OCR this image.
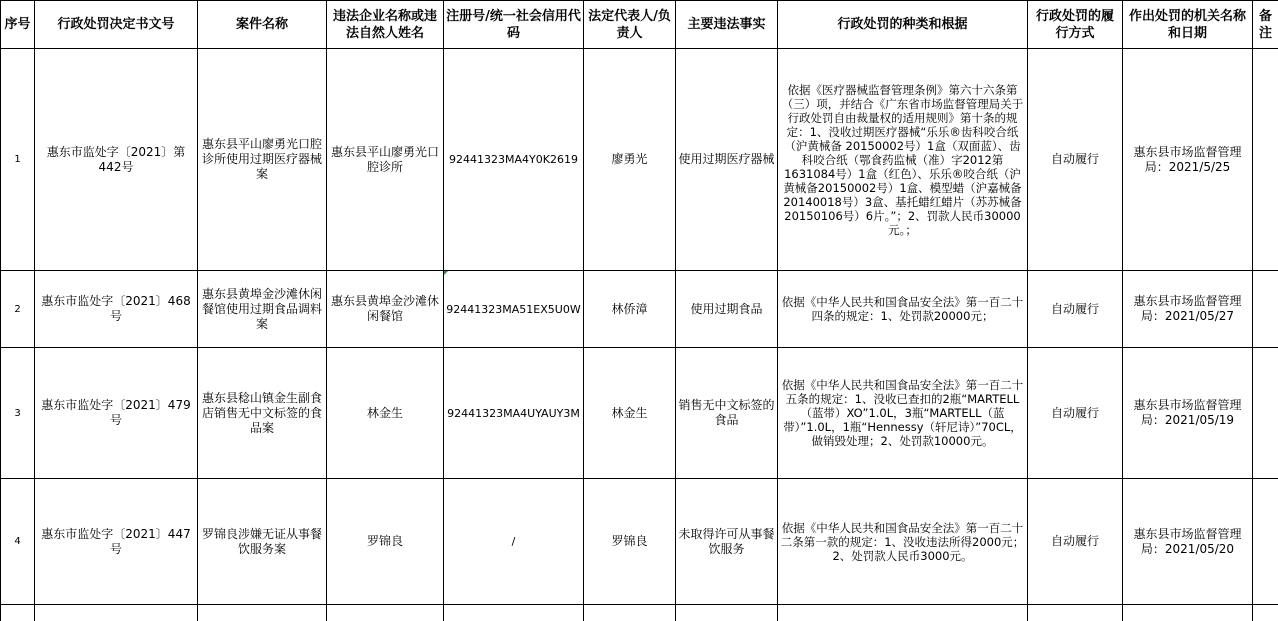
序号	行政处罚决定书文号	案件名称	违法企业名称或违法自然人姓名	注册号/统一社会信用代码	法定代表人/负责人	主要违法事实	行政处罚的种类和根据	行政处罚的履行方式	作出处罚的机关名称和日期	备注
1	惠东市监处字〔2021〕第442号	惠东县平山廖勇光口腔诊所使用过期医疗器械案	惠东县平山廖勇光口腔诊所	92441323MA4Y0K2619	廖勇光	使用过期医疗器械	依据《医疗器械监督管理条例》第六十六条第（三）项，并结合《广东省市场监督管理局关于行政处罚自由裁量权的适用规则》第十条的规定：1、没收过期医疗器械“乐乐®齿科咬合纸（沪黄械备 20150002号）1盒（双面蓝）、齿科咬合纸（鄂食药监械（准）字2012第1631084号）1盒（红色）、乐乐®咬合纸（沪黄械备20150002号）1盒、模型蜡（沪嘉械备20140018号）3盒、基托蜡红蜡片（苏苏械备20150106号）6片。”；2、罚款人民币30000元。；	自动履行	惠东县市场监督管理局：2021/5/25	
2	惠东市监处字〔2021〕468号	惠东县黄埠金沙滩休闲餐馆使用过期食品调料案	惠东县黄埠金沙滩休闲餐馆	92441323MA51EX5U0W	林侨漳	使用过期食品	依据《中华人民共和国食品安全法》第一百二十四条的规定：1、处罚款20000元；	自动履行	惠东县市场监督管理局：2021/05/27	
3	惠东市监处字〔2021〕479号	惠东县稔山镇金生副食店销售无中文标签的食品案	林金生	92441323MA4UYAUY3M	林金生	销售无中文标签的食品	依据《中华人民共和国食品安全法》第一百二十五条的规定：1、没收已查扣的2瓶“MARTELL（蓝带）XO”1.0L，3瓶“MARTELL（蓝带）”1.0L，1瓶“Hennessy（轩尼诗）”70CL，做销毁处理；2、处罚款10000元。	自动履行	惠东县市场监督管理局：2021/05/19	
4	惠东市监处字〔2021〕447号	罗锦良涉嫌无证从事餐饮服务案	罗锦良	/	罗锦良	未取得许可从事餐饮服务	依据《中华人民共和国食品安全法》第一百二十二条第一款的规定：1、没收违法所得2000元；2、处罚款人民币3000元。	自动履行	惠东县市场监督管理局：2021/05/20	
